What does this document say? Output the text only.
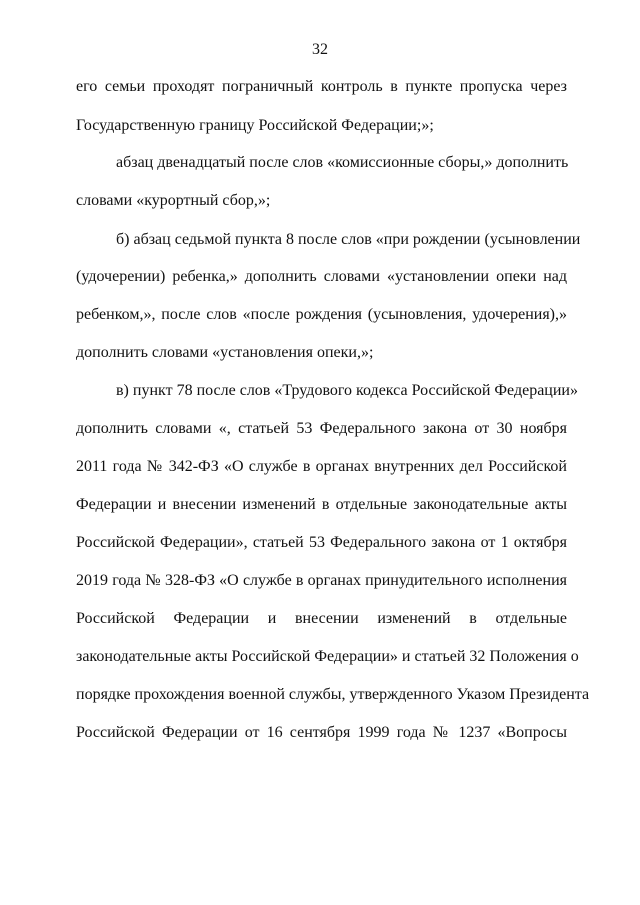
32
его семьи проходят пограничный контроль в пункте пропуска через
Государственную границу Российской Федерации;»;
абзац двенадцатый после слов «комиссионные сборы,» дополнить
словами «курортный сбор,»;
б) абзац седьмой пункта 8 после слов «при рождении (усыновлении
(удочерении) ребенка,» дополнить словами «установлении опеки над
ребенком,», после слов «после рождения (усыновления, удочерения),»
дополнить словами «установления опеки,»;
в) пункт 78 после слов «Трудового кодекса Российской Федерации»
дополнить словами «, статьей 53 Федерального закона от 30 ноября
2011 года № 342-ФЗ «О службе в органах внутренних дел Российской
Федерации и внесении изменений в отдельные законодательные акты
Российской Федерации», статьей 53 Федерального закона от 1 октября
2019 года № 328-ФЗ «О службе в органах принудительного исполнения
Российской Федерации и внесении изменений в отдельные
законодательные акты Российской Федерации» и статьей 32 Положения о
порядке прохождения военной службы, утвержденного Указом Президента
Российской Федерации от 16 сентября 1999 года № 1237 «Вопросы
